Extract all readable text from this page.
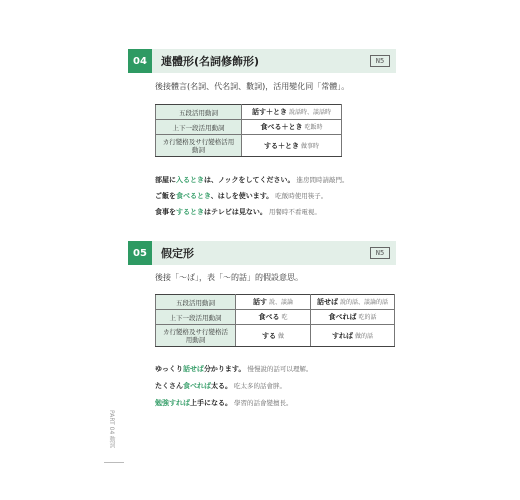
04	連體形(名詞修飾形)	N5
後接體言(名詞、代名詞、數詞)，活用變化同「常體」。
五段活用動詞	話す＋とき 說話時、談話時
上下一段活用動詞	食べる＋とき 吃飯時
カ行變格及サ行變格活用動詞	する＋とき 做事時
部屋に入るときは、ノックをしてください。 進房間時請敲門。
ご飯を食べるとき、はしを使います。 吃飯時使用筷子。
食事をするときはテレビは見ない。 用餐時不看電視。
05	假定形	N5
後接「～ば」，表「～的話」的假設意思。
五段活用動詞	話す 說、談論	話せば 說的話、談論的話
上下一段活用動詞	食べる 吃	食べれば 吃的話
カ行變格及サ行變格活用動詞	する 做	すれば 做的話
ゆっくり話せば分かります。 慢慢說的話可以理解。
たくさん食べれば太る。 吃太多的話會胖。
勉強すれば上手になる。 學習的話會變擅長。
PART 04 動詞
